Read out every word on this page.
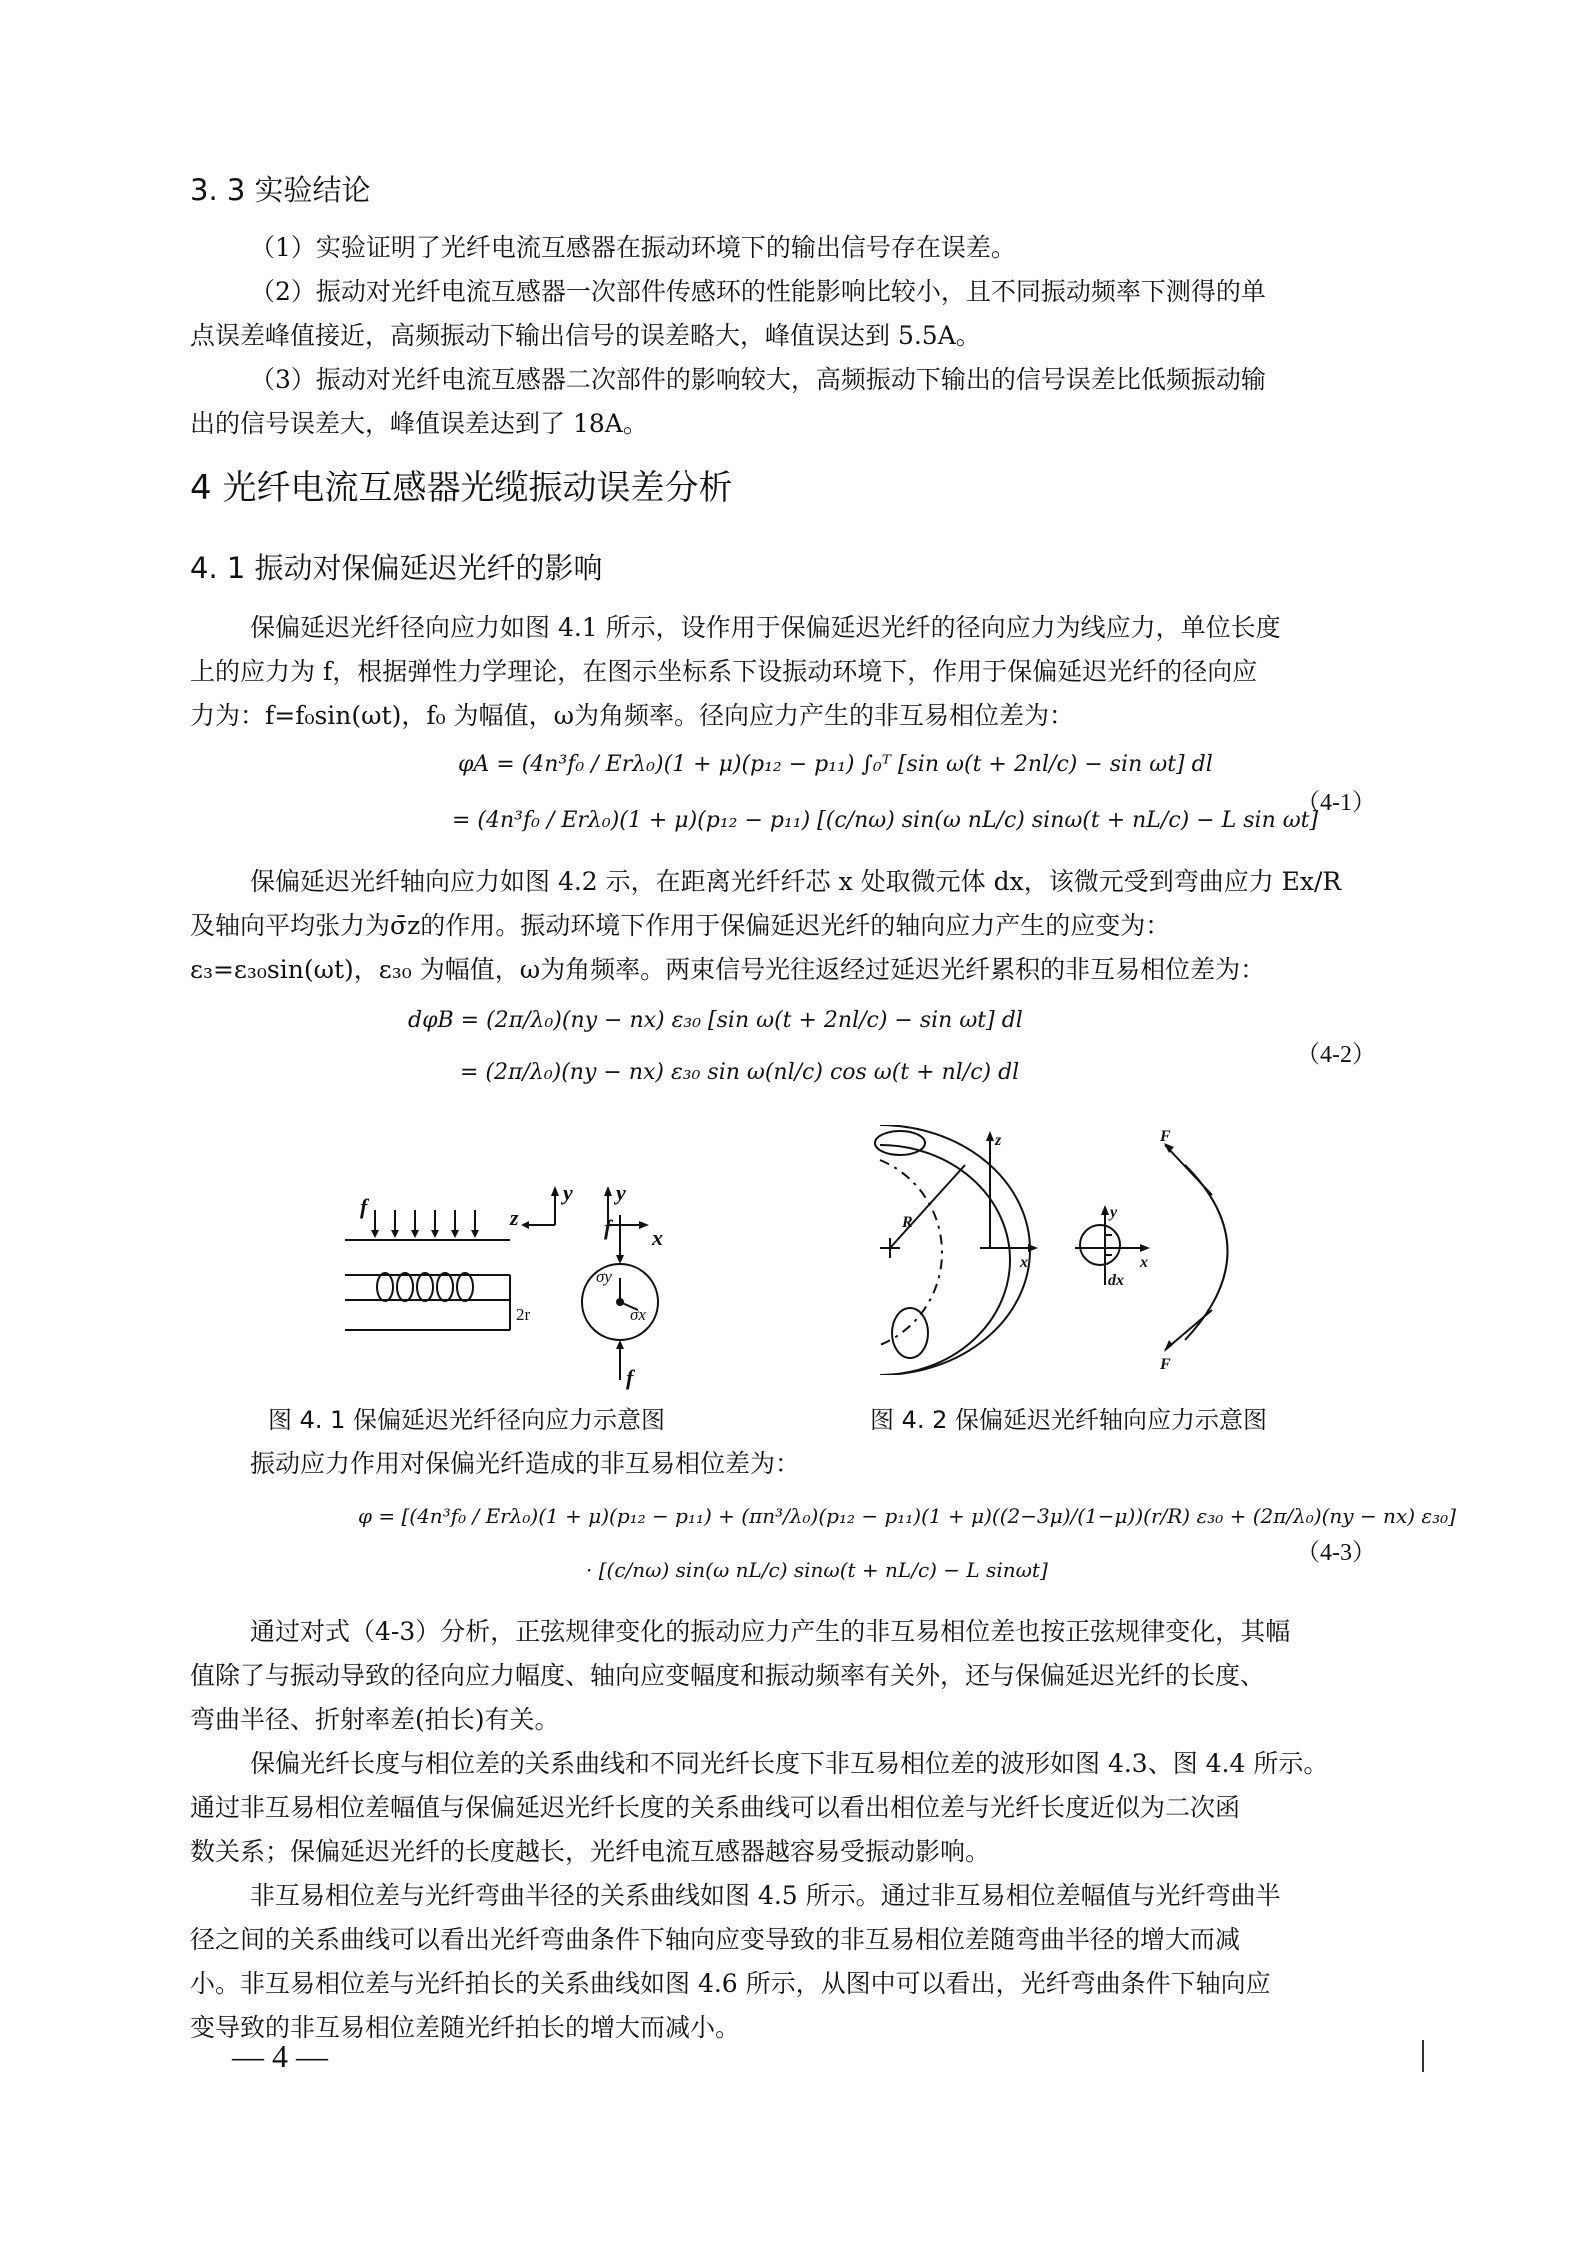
3. 3 实验结论
（1）实验证明了光纤电流互感器在振动环境下的输出信号存在误差。
（2）振动对光纤电流互感器一次部件传感环的性能影响比较小，且不同振动频率下测得的单
点误差峰值接近，高频振动下输出信号的误差略大，峰值误达到 5.5A。
（3）振动对光纤电流互感器二次部件的影响较大，高频振动下输出的信号误差比低频振动输
出的信号误差大，峰值误差达到了 18A。
4 光纤电流互感器光缆振动误差分析
4. 1 振动对保偏延迟光纤的影响
保偏延迟光纤径向应力如图 4.1 所示，设作用于保偏延迟光纤的径向应力为线应力，单位长度
上的应力为 f，根据弹性力学理论，在图示坐标系下设振动环境下，作用于保偏延迟光纤的径向应
力为：f=f₀sin(ωt)，f₀ 为幅值，ω为角频率。径向应力产生的非互易相位差为：
φA = (4n³f₀ / Erλ₀)(1 + μ)(p₁₂ − p₁₁) ∫₀ᵀ [sin ω(t + 2nl/c) − sin ωt] dl
= (4n³f₀ / Erλ₀)(1 + μ)(p₁₂ − p₁₁) [(c/nω) sin(ω nL/c) sinω(t + nL/c) − L sin ωt]
（4-1）
保偏延迟光纤轴向应力如图 4.2 示，在距离光纤纤芯 x 处取微元体 dx，该微元受到弯曲应力 Ex/R
及轴向平均张力为σ̄z的作用。振动环境下作用于保偏延迟光纤的轴向应力产生的应变为：
ε₃=ε₃₀sin(ωt)，ε₃₀ 为幅值，ω为角频率。两束信号光往返经过延迟光纤累积的非互易相位差为：
dφB = (2π/λ₀)(ny − nx) ε₃₀ [sin ω(t + 2nl/c) − sin ωt] dl
= (2π/λ₀)(ny − nx) ε₃₀ sin ω(nl/c) cos ω(t + nl/c) dl
（4-2）
f	z
y y
x
f
f
2r
σy
σx
z
x
R
y
x
dx
F
F
图 4. 1 保偏延迟光纤径向应力示意图	图 4. 2 保偏延迟光纤轴向应力示意图
振动应力作用对保偏光纤造成的非互易相位差为：
φ = [(4n³f₀ / Erλ₀)(1 + μ)(p₁₂ − p₁₁) + (πn³/λ₀)(p₁₂ − p₁₁)(1 + μ)((2−3μ)/(1−μ))(r/R) ε₃₀ + (2π/λ₀)(ny − nx) ε₃₀]
· [(c/nω) sin(ω nL/c) sinω(t + nL/c) − L sinωt]
（4-3）
通过对式（4-3）分析，正弦规律变化的振动应力产生的非互易相位差也按正弦规律变化，其幅
值除了与振动导致的径向应力幅度、轴向应变幅度和振动频率有关外，还与保偏延迟光纤的长度、
弯曲半径、折射率差(拍长)有关。
保偏光纤长度与相位差的关系曲线和不同光纤长度下非互易相位差的波形如图 4.3、图 4.4 所示。
通过非互易相位差幅值与保偏延迟光纤长度的关系曲线可以看出相位差与光纤长度近似为二次函
数关系；保偏延迟光纤的长度越长，光纤电流互感器越容易受振动影响。
非互易相位差与光纤弯曲半径的关系曲线如图 4.5 所示。通过非互易相位差幅值与光纤弯曲半
径之间的关系曲线可以看出光纤弯曲条件下轴向应变导致的非互易相位差随弯曲半径的增大而减
小。非互易相位差与光纤拍长的关系曲线如图 4.6 所示，从图中可以看出，光纤弯曲条件下轴向应
变导致的非互易相位差随光纤拍长的增大而减小。
— 4 —
